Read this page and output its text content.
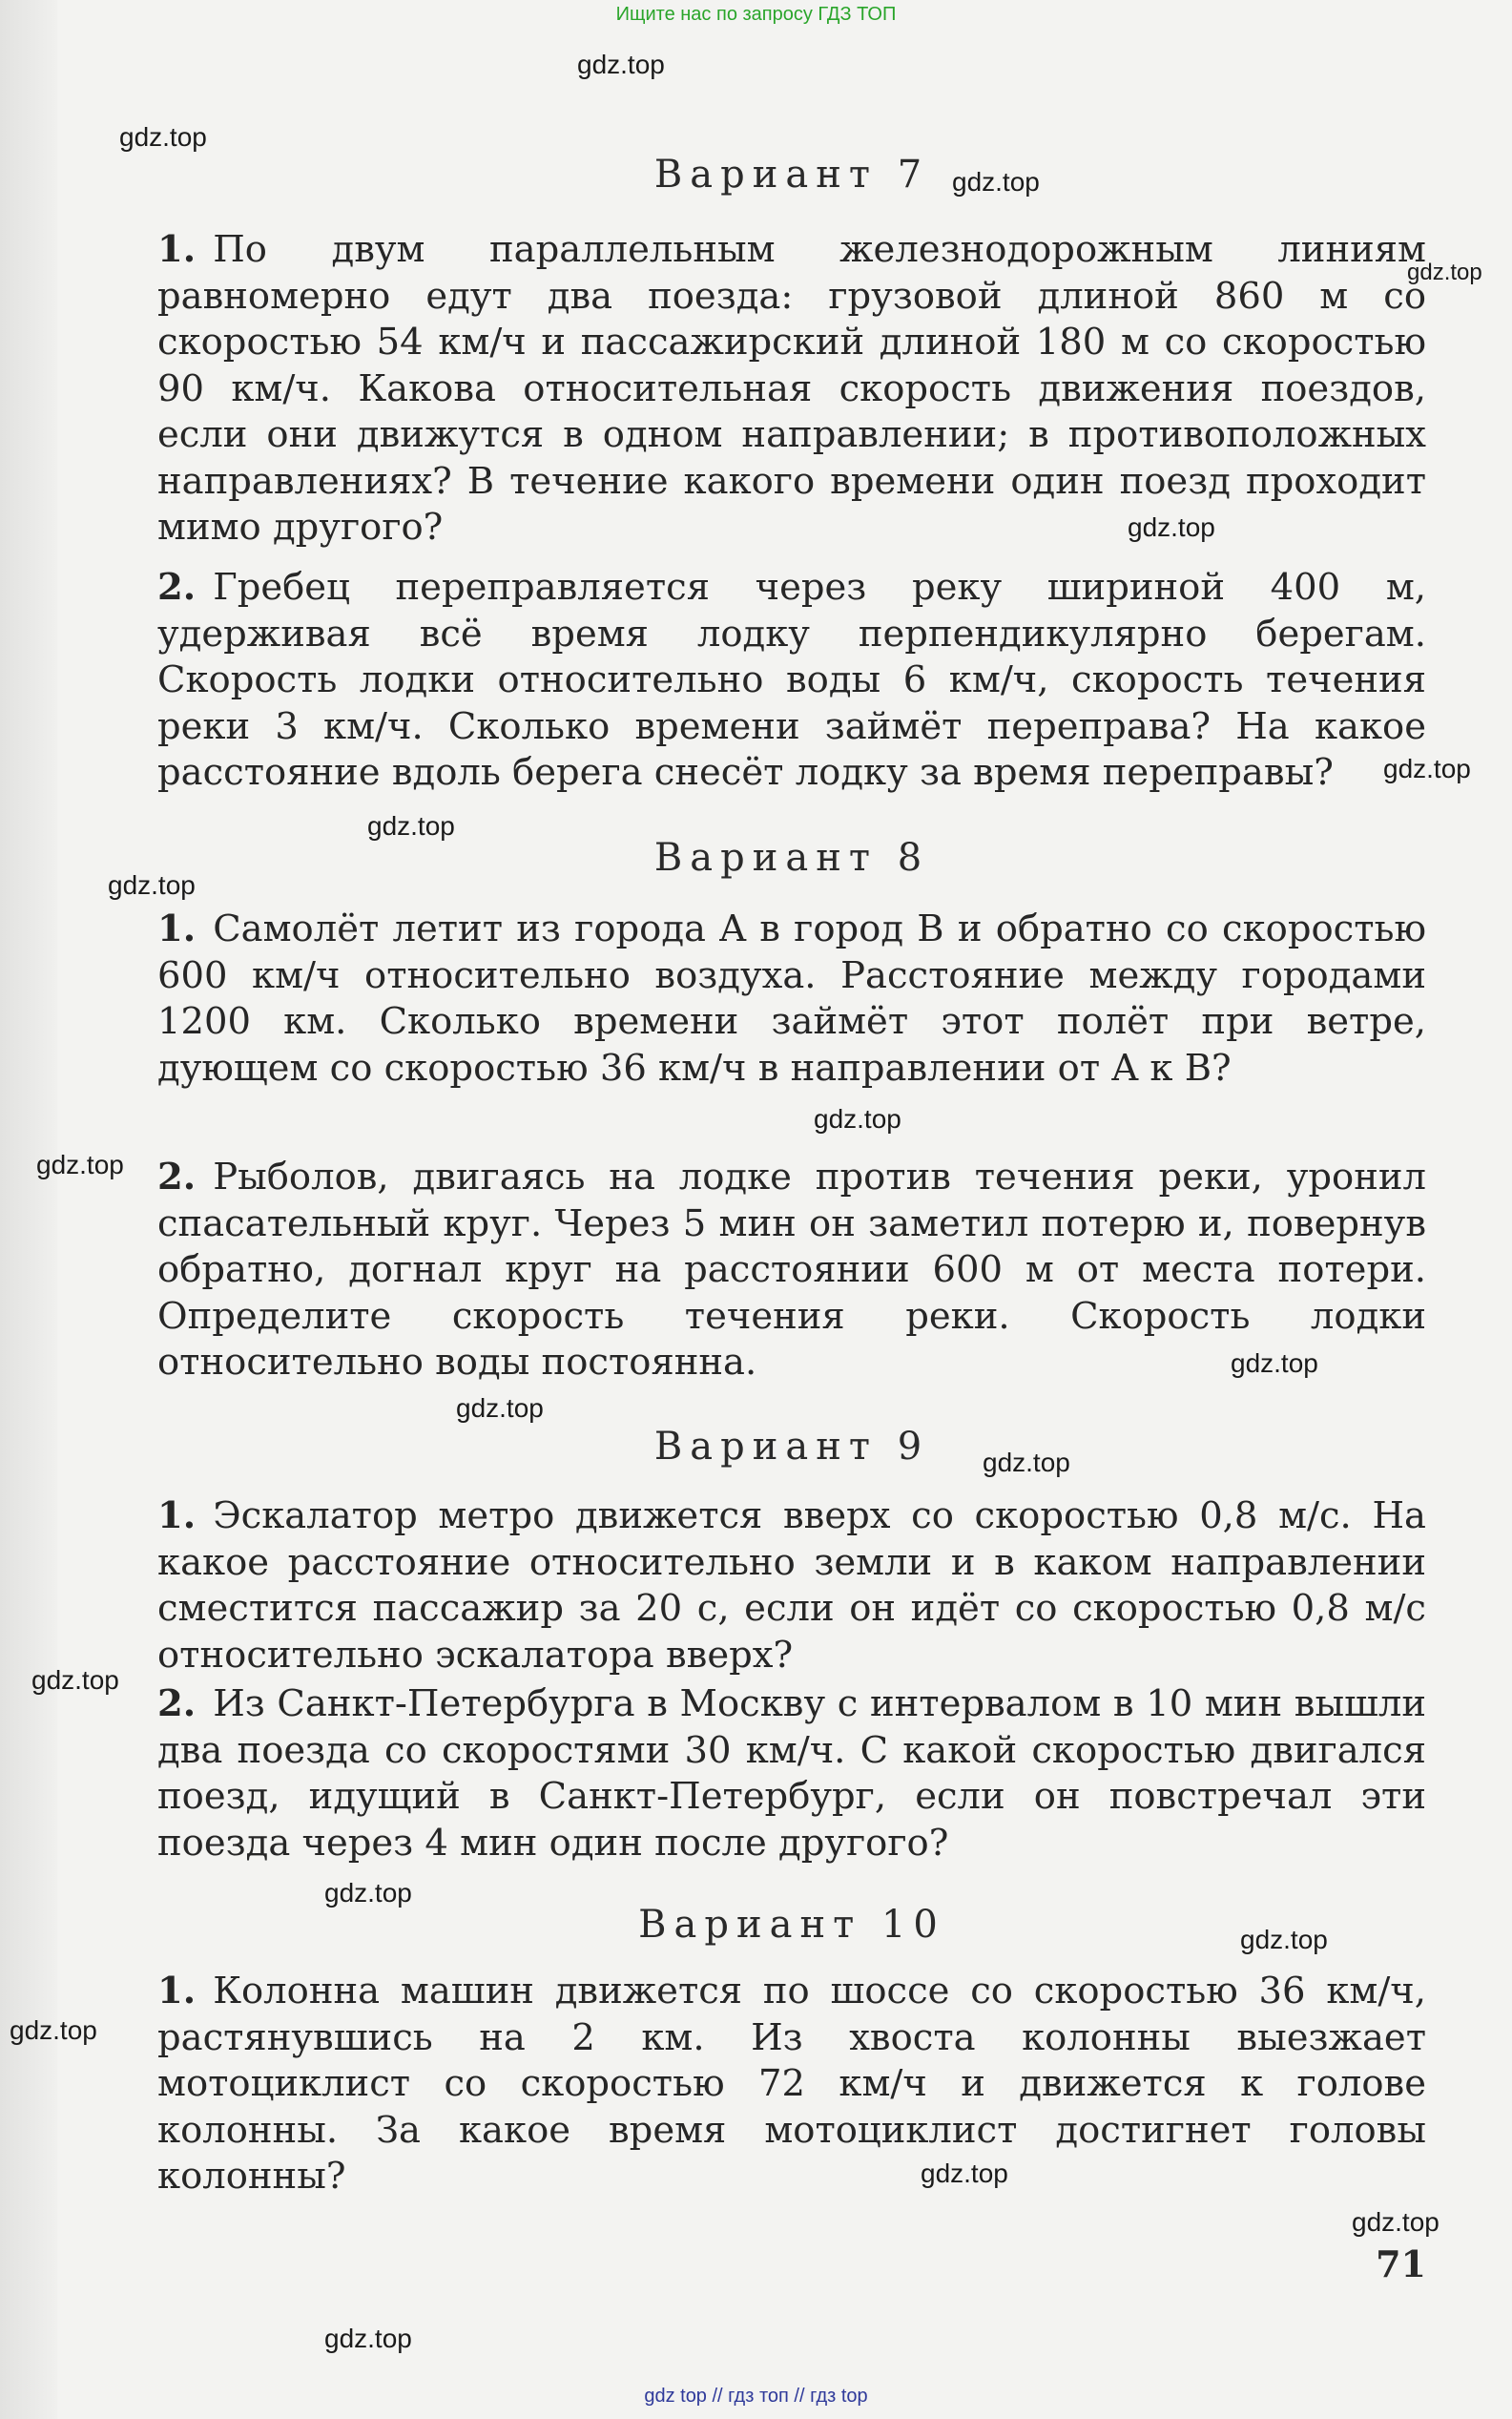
Ищите нас по запросу ГДЗ ТОП
gdz.top
gdz.top
gdz.top
gdz.top
gdz.top
gdz.top
gdz.top
gdz.top
gdz.top
gdz.top
gdz.top
gdz.top
gdz.top
gdz.top
gdz.top
gdz.top
gdz.top
gdz.top
gdz.top
gdz.top
Вариант 7
1. По двум параллельным железнодорожным линиям равномерно едут два поезда: грузовой длиной 860 м со скоростью 54 км/ч и пассажирский длиной 180 м со скоростью 90 км/ч. Какова относительная скорость движения поездов, если они движутся в одном направлении; в противоположных направлениях? В течение какого времени один поезд проходит мимо другого?
2. Гребец переправляется через реку шириной 400 м, удерживая всё время лодку перпендикулярно берегам. Скорость лодки относительно воды 6 км/ч, скорость течения реки 3 км/ч. Сколько времени займёт переправа? На какое расстояние вдоль берега снесёт лодку за время переправы?
Вариант 8
1. Самолёт летит из города A в город B и обратно со скоростью 600 км/ч относительно воздуха. Расстояние между городами 1200 км. Сколько времени займёт этот полёт при ветре, дующем со скоростью 36 км/ч в направлении от A к B?
2. Рыболов, двигаясь на лодке против течения реки, уронил спасательный круг. Через 5 мин он заметил потерю и, повернув обратно, догнал круг на расстоянии 600 м от места потери. Определите скорость течения реки. Скорость лодки относительно воды постоянна.
Вариант 9
1. Эскалатор метро движется вверх со скоростью 0,8 м/с. На какое расстояние относительно земли и в каком направлении сместится пассажир за 20 с, если он идёт со скоростью 0,8 м/с относительно эскалатора вверх?
2. Из Санкт-Петербурга в Москву с интервалом в 10 мин вышли два поезда со скоростями 30 км/ч. С какой скоростью двигался поезд, идущий в Санкт-Петербург, если он повстречал эти поезда через 4 мин один после другого?
Вариант 10
1. Колонна машин движется по шоссе со скоростью 36 км/ч, растянувшись на 2 км. Из хвоста колонны выезжает мотоциклист со скоростью 72 км/ч и движется к голове колонны. За какое время мотоциклист достигнет головы колонны?
71
gdz top // гдз топ // гдз top
